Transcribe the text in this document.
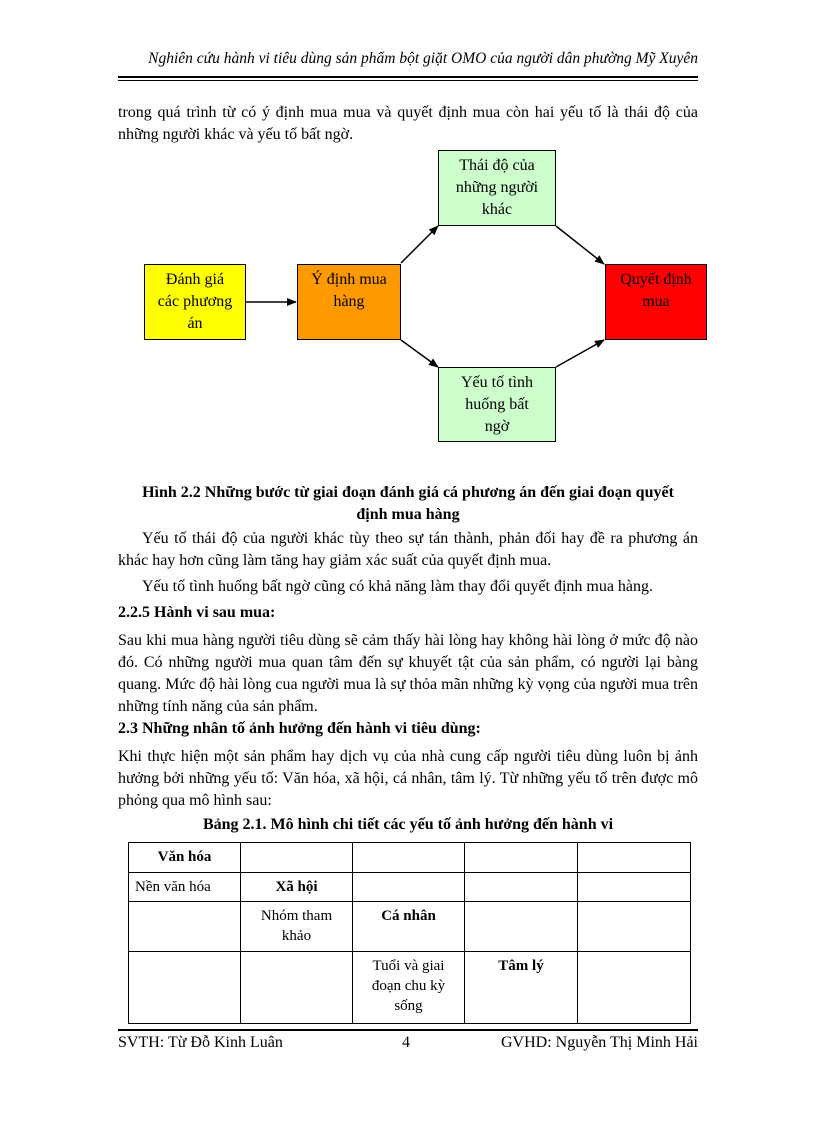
Nghiên cứu hành vi tiêu dùng sản phẩm bột giặt OMO của người dân phường Mỹ Xuyên

trong quá trình từ có ý định mua mua và quyết định mua còn hai yếu tố là thái độ của những người khác và yếu tố bất ngờ.

Đánh giá
các phương
án
Ý định mua
hàng
Thái độ của
những người
khác
Yếu tố tình
huống bất
ngờ
Quyết định
mua
Hình 2.2 Những bước từ giai đoạn đánh giá cá phương án đến giai đoạn quyết
định mua hàng

Yếu tố thái độ của người khác tùy theo sự tán thành, phản đối hay đề ra phương án khác hay hơn cũng làm tăng hay giảm xác suất của quyết định mua.

Yếu tố tình huống bất ngờ cũng có khả năng làm thay đổi quyết định mua hàng.

2.2.5 Hành vi sau mua:

Sau khi mua hàng người tiêu dùng sẽ cảm thấy hài lòng hay không hài lòng ở mức độ nào đó. Có những người mua quan tâm đến sự khuyết tật của sản phẩm, có người lại bàng quang. Mức độ hài lòng cua người mua là sự thỏa mãn những kỳ vọng của người mua trên những tính năng của sản phẩm.

2.3 Những nhân tố ảnh hưởng đến hành vi tiêu dùng:

Khi thực hiện một sản phẩm hay dịch vụ của nhà cung cấp người tiêu dùng luôn bị ảnh hưởng bởi những yếu tố: Văn hóa, xã hội, cá nhân, tâm lý. Từ những yếu tố trên được mô phỏng qua mô hình sau:

Bảng 2.1. Mô hình chi tiết các yếu tố ảnh hưởng đến hành vi
Văn hóa				
Nền văn hóa	Xã hội			
	Nhóm tham khảo	Cá nhân		
		Tuổi và giai đoạn chu kỳ sống	Tâm lý	
SVTH: Từ Đỗ Kinh Luân	4	GVHD: Nguyễn Thị Minh Hải
